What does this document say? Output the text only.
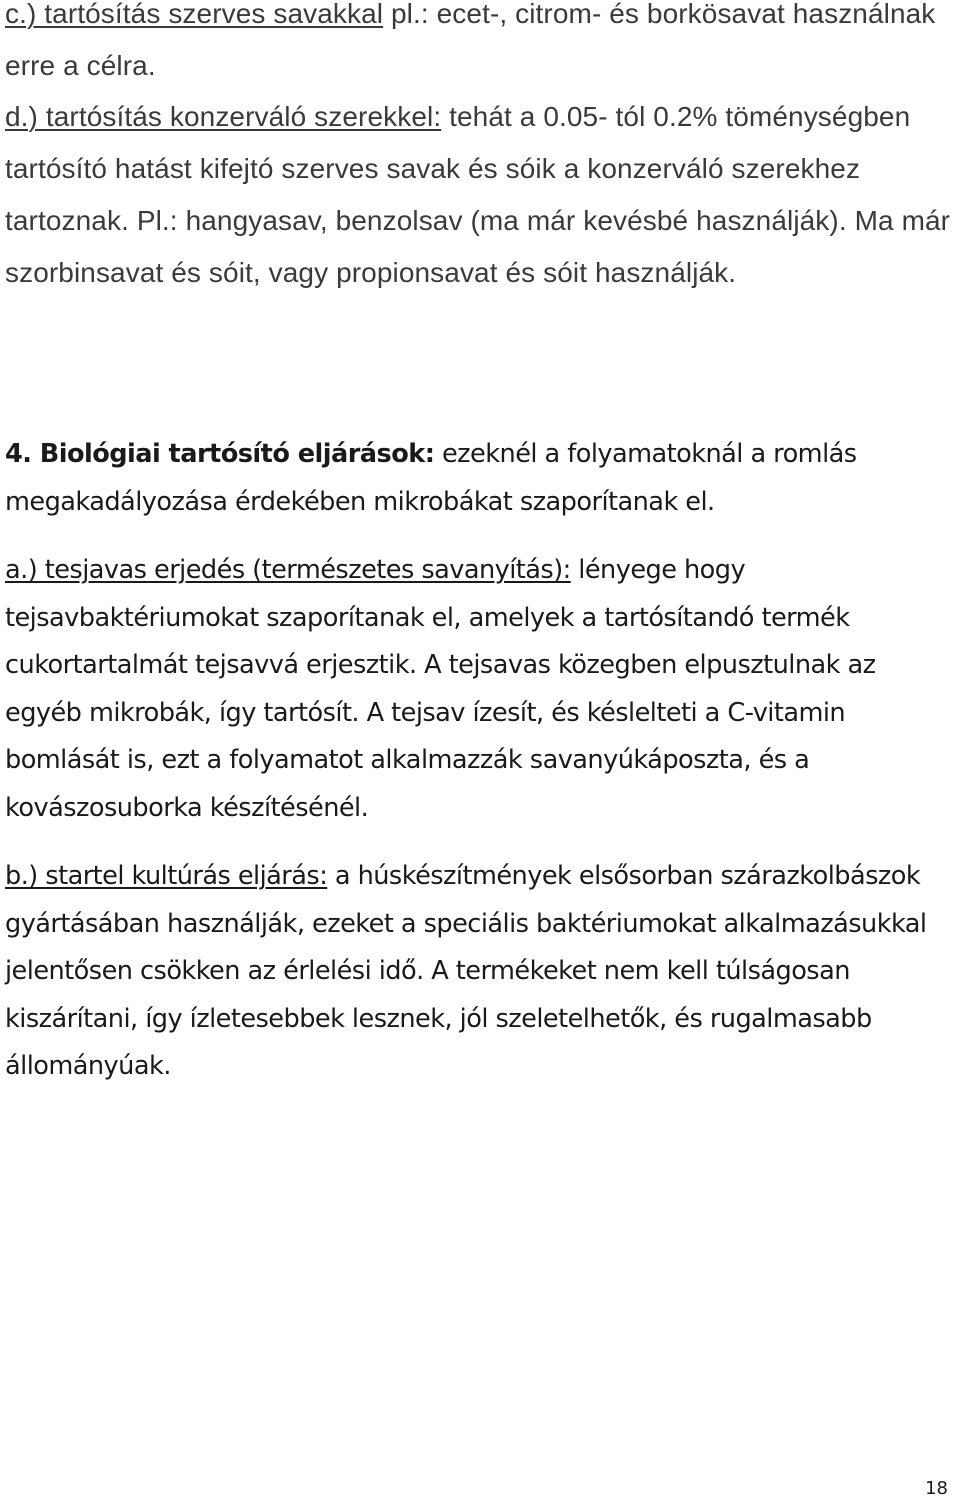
c.) tartósítás szerves savakkal pl.: ecet-, citrom- és borkösavat használnak erre a célra.

d.) tartósítás konzerváló szerekkel: tehát a 0.05- tól 0.2% töménységben tartósító hatást kifejtó szerves savak és sóik a konzerváló szerekhez tartoznak. Pl.: hangyasav, benzolsav (ma már kevésbé használják). Ma már szorbinsavat és sóit, vagy propionsavat és sóit használják.

4. Biológiai tartósító eljárások: ezeknél a folyamatoknál a romlás megakadályozása érdekében mikrobákat szaporítanak el.

a.) tesjavas erjedés (természetes savanyítás): lényege hogy tejsavbaktériumokat szaporítanak el, amelyek a tartósítandó termék cukortartalmát tejsavvá erjesztik. A tejsavas közegben elpusztulnak az egyéb mikrobák, így tartósít. A tejsav ízesít, és késlelteti a C-vitamin bomlását is, ezt a folyamatot alkalmazzák savanyúkáposzta, és a kovászosuborka készítésénél.

b.) startel kultúrás eljárás: a húskészítmények elsősorban szárazkolbászok gyártásában használják, ezeket a speciális baktériumokat alkalmazásukkal jelentősen csökken az érlelési idő. A termékeket nem kell túlságosan kiszárítani, így ízletesebbek lesznek, jól szeletelhetők, és rugalmasabb állományúak.

18
